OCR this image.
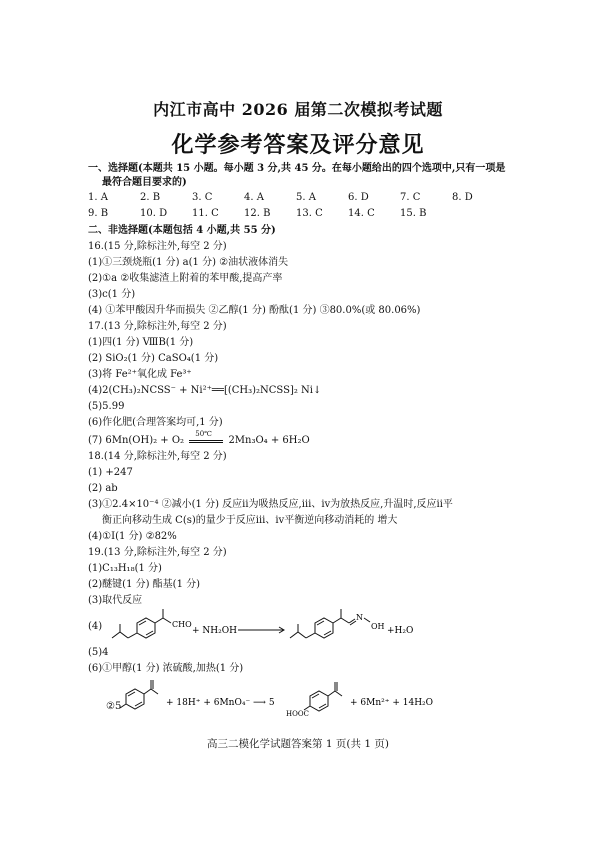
内江市高中 2026 届第二次模拟考试题
化学参考答案及评分意见
一、选择题(本题共 15 小题。每小题 3 分,共 45 分。在每小题给出的四个选项中,只有一项是
最符合题目要求的)
1. A	2. B	3. C	4. A	5. A	6. D	7. C	8. D
9. B	10. D 11. C	12. B	13. C	14. C	15. B
二、非选择题(本题包括 4 小题,共 55 分)
16.(15 分,除标注外,每空 2 分)
(1)①三颈烧瓶(1 分) a(1 分) ②油状液体消失
(2)①a ②收集滤渣上附着的苯甲酸,提高产率
(3)c(1 分)
(4) ①苯甲酸因升华而损失 ②乙醇(1 分) 酚酞(1 分) ③80.0%(或 80.06%)
17.(13 分,除标注外,每空 2 分)
(1)四(1 分) ⅧB(1 分)
(2) SiO₂(1 分) CaSO₄(1 分)
(3)将 Fe²⁺氧化成 Fe³⁺
(4)2(CH₃)₂NCSS⁻ + Ni²⁺══[(CH₃)₂NCSS]₂ Ni↓
(5)5.99
(6)作化肥(合理答案均可,1 分)
(7) 6Mn(OH)₂ + O₂
50℃
2Mn₃O₄ + 6H₂O
18.(14 分,除标注外,每空 2 分)
(1) +247
(2) ab
(3)①2.4×10⁻⁴ ②减小(1 分) 反应ⅱ为吸热反应,ⅲ、ⅳ为放热反应,升温时,反应ⅱ平
衡正向移动生成 C(s)的量少于反应ⅲ、ⅳ平衡逆向移动消耗的 增大
(4)①Ⅰ(1 分) ②82%
19.(13 分,除标注外,每空 2 分)
(1)C₁₃H₁₈(1 分)
(2)醚键(1 分) 酯基(1 分)
(3)取代反应
(4)	CHO
+ NH₂OH
N
OH +H₂O
(5)4
(6)①甲醇(1 分) 浓硫酸,加热(1 分)
②5	+ 18H⁺ + 6MnO₄⁻ ⟶ 5
HOOC
+ 6Mn²⁺ + 14H₂O
高三二模化学试题答案第 1 页(共 1 页)
